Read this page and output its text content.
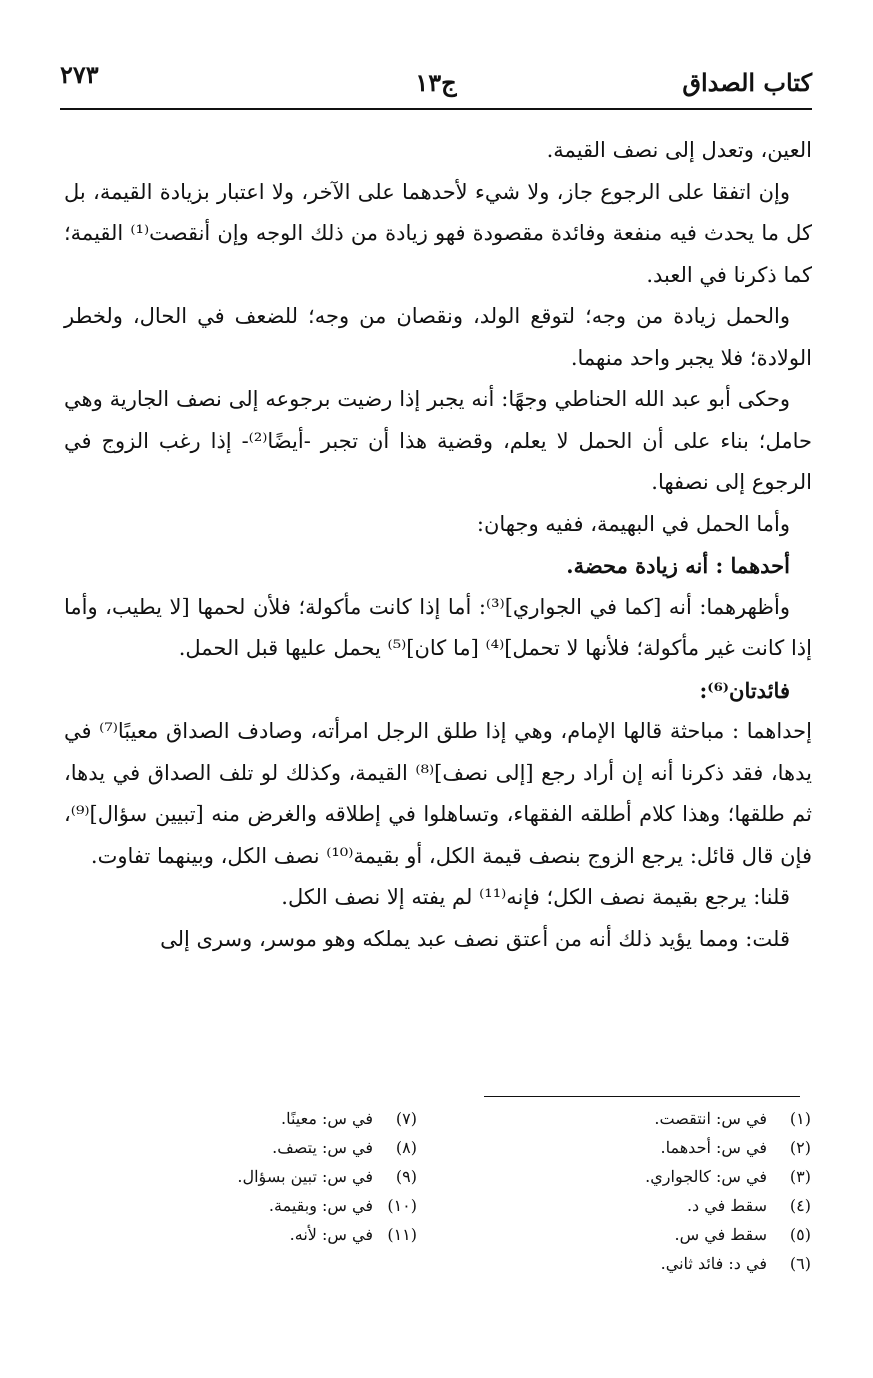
كتاب الصداق
ج١٣
٢٧٣

العين، وتعدل إلى نصف القيمة.

وإن اتفقا على الرجوع جاز، ولا شيء لأحدهما على الآخر، ولا اعتبار بزيادة القيمة، بل كل ما يحدث فيه منفعة وفائدة مقصودة فهو زيادة من ذلك الوجه وإن أنقصت⁽¹⁾ القيمة؛ كما ذكرنا في العبد.

والحمل زيادة من وجه؛ لتوقع الولد، ونقصان من وجه؛ للضعف في الحال، ولخطر الولادة؛ فلا يجبر واحد منهما.

وحكى أبو عبد الله الحناطي وجهًا: أنه يجبر إذا رضيت برجوعه إلى نصف الجارية وهي حامل؛ بناء على أن الحمل لا يعلم، وقضية هذا أن تجبر -أيضًا⁽²⁾- إذا رغب الزوج في الرجوع إلى نصفها.

وأما الحمل في البهيمة، ففيه وجهان:

أحدهما : أنه زيادة محضة.

وأظهرهما: أنه [كما في الجواري]⁽³⁾: أما إذا كانت مأكولة؛ فلأن لحمها [لا يطيب، وأما إذا كانت غير مأكولة؛ فلأنها لا تحمل]⁽⁴⁾ [ما كان]⁽⁵⁾ يحمل عليها قبل الحمل.

فائدتان⁽⁶⁾:

إحداهما : مباحثة قالها الإمام، وهي إذا طلق الرجل امرأته، وصادف الصداق معيبًا⁽⁷⁾ في يدها، فقد ذكرنا أنه إن أراد رجع [إلى نصف]⁽⁸⁾ القيمة، وكذلك لو تلف الصداق في يدها، ثم طلقها؛ وهذا كلام أطلقه الفقهاء، وتساهلوا في إطلاقه والغرض منه [تبيين سؤال]⁽⁹⁾، فإن قال قائل: يرجع الزوج بنصف قيمة الكل، أو بقيمة⁽¹⁰⁾ نصف الكل، وبينهما تفاوت.

قلنا: يرجع بقيمة نصف الكل؛ فإنه⁽¹¹⁾ لم يفته إلا نصف الكل.

قلت: ومما يؤيد ذلك أنه من أعتق نصف عبد يملكه وهو موسر، وسرى إلى

(١)في س: انتقصت.
(٢)في س: أحدهما.
(٣)في س: كالجواري.
(٤)سقط في د.
(٥)سقط في س.
(٦)في د: فائد ثاني.
(٧)في س: معينًا.
(٨)في س: يتصف.
(٩)في س: تبين بسؤال.
(١٠)في س: وبقيمة.
(١١)في س: لأنه.
